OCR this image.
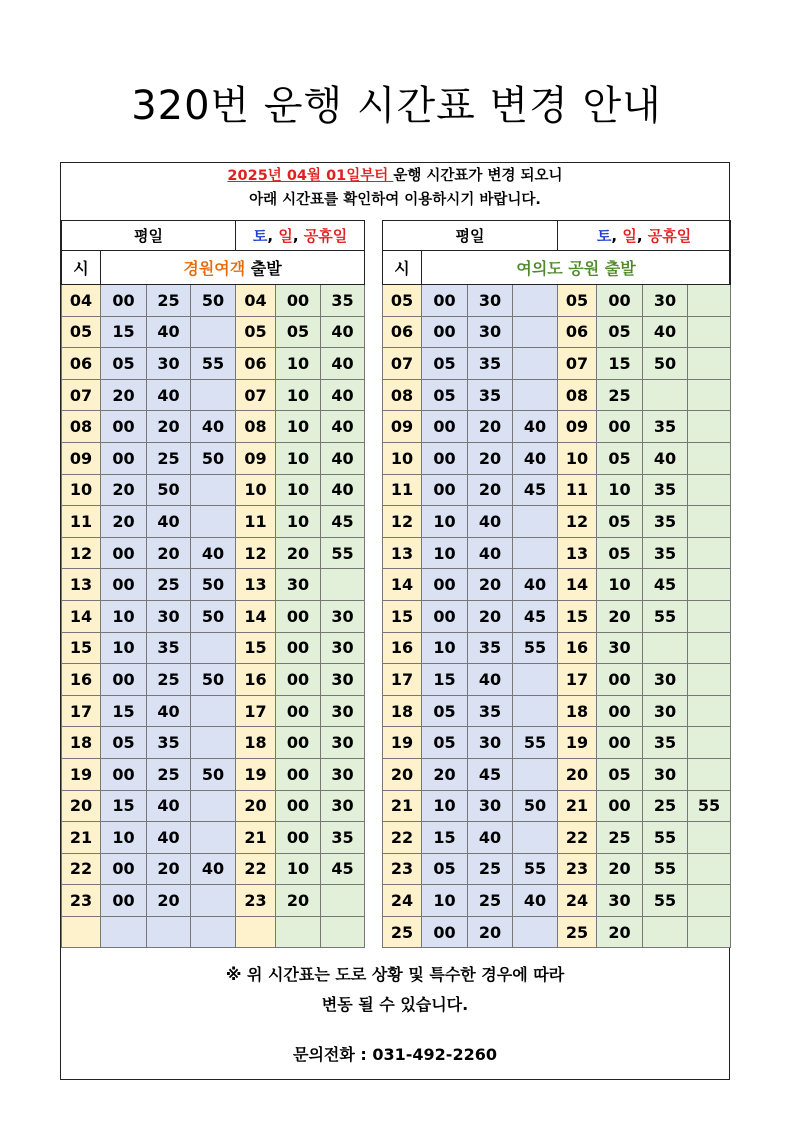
320번 운행 시간표 변경 안내
2025년 04월 01일부터 운행 시간표가 변경 되오니
아래 시간표를 확인하여 이용하시기 바랍니다.
평일				토, 일, 공휴일		
시	경원여객 출발					
04	00	25	50	04	00	35
05	15	40		05	05	40
06	05	30	55	06	10	40
07	20	40		07	10	40
08	00	20	40	08	10	40
09	00	25	50	09	10	40
10	20	50		10	10	40
11	20	40		11	10	45
12	00	20	40	12	20	55
13	00	25	50	13	30	
14	10	30	50	14	00	30
15	10	35		15	00	30
16	00	25	50	16	00	30
17	15	40		17	00	30
18	05	35		18	00	30
19	00	25	50	19	00	30
20	15	40		20	00	30
21	10	40		21	00	35
22	00	20	40	22	10	45
23	00	20		23	20	

평일				토, 일, 공휴일			
시	여의도 공원 출발						
05	00	30		05	00	30	
06	00	30		06	05	40	
07	05	35		07	15	50	
08	05	35		08	25		
09	00	20	40	09	00	35	
10	00	20	40	10	05	40	
11	00	20	45	11	10	35	
12	10	40		12	05	35	
13	10	40		13	05	35	
14	00	20	40	14	10	45	
15	00	20	45	15	20	55	
16	10	35	55	16	30		
17	15	40		17	00	30	
18	05	35		18	00	30	
19	05	30	55	19	00	35	
20	20	45		20	05	30	
21	10	30	50	21	00	25	55
22	15	40		22	25	55	
23	05	25	55	23	20	55	
24	10	25	40	24	30	55	
25	00	20		25	20		
※ 위 시간표는 도로 상황 및 특수한 경우에 따라
변동 될 수 있습니다.
문의전화 : 031-492-2260
